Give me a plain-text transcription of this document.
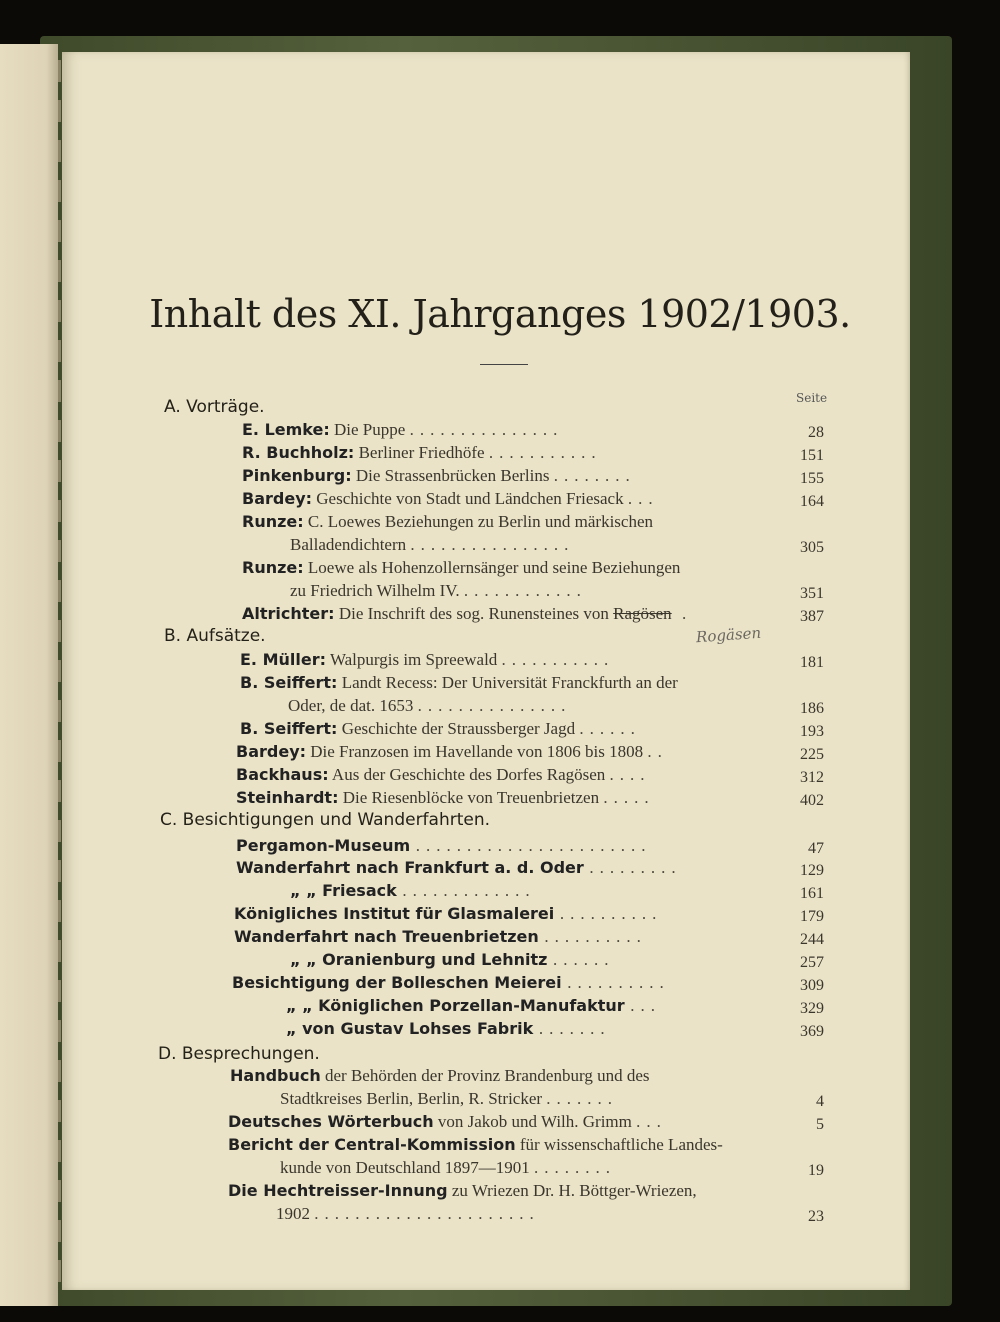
Inhalt des XI. Jahrganges 1902/1903.
Seite
A. Vorträge.
B. Aufsätze.
C. Besichtigungen und Wanderfahrten.
D. Besprechungen.
E. Lemke: Die Puppe ...............	28
R. Buchholz: Berliner Friedhöfe ...........	151
Pinkenburg: Die Strassenbrücken Berlins ........	155
Bardey: Geschichte von Stadt und Ländchen Friesack ...	164
Runze: C. Loewes Beziehungen zu Berlin und märkischen
Balladendichtern ................	305
Runze: Loewe als Hohenzollernsänger und seine Beziehungen
zu Friedrich Wilhelm IV. ............	351
Altrichter: Die Inschrift des sog. Runensteines von Ragösen .	387
E. Müller: Walpurgis im Spreewald ...........	181
B. Seiffert: Landt Recess: Der Universität Franckfurth an der
Oder, de dat. 1653 ...............	186
B. Seiffert: Geschichte der Straussberger Jagd ......	193
Bardey: Die Franzosen im Havellande von 1806 bis 1808 ..	225
Backhaus: Aus der Geschichte des Dorfes Ragösen ....	312
Steinhardt: Die Riesenblöcke von Treuenbrietzen .....	402
Pergamon-Museum .......................	47
Wanderfahrt nach Frankfurt a. d. Oder .........	129
„ „ Friesack .............	161
Königliches Institut für Glasmalerei ..........	179
Wanderfahrt nach Treuenbrietzen ..........	244
„ „ Oranienburg und Lehnitz ......	257
Besichtigung der Bolleschen Meierei ..........	309
„ „ Königlichen Porzellan-Manufaktur ...	329
„ von Gustav Lohses Fabrik .......	369
Handbuch der Behörden der Provinz Brandenburg und des
Stadtkreises Berlin, Berlin, R. Stricker .......	4
Deutsches Wörterbuch von Jakob und Wilh. Grimm ...	5
Bericht der Central-Kommission für wissenschaftliche Landes-
kunde von Deutschland 1897—1901 ........	19
Die Hechtreisser-Innung zu Wriezen Dr. H. Böttger-Wriezen,
1902 ......................	23
Rogäsen
